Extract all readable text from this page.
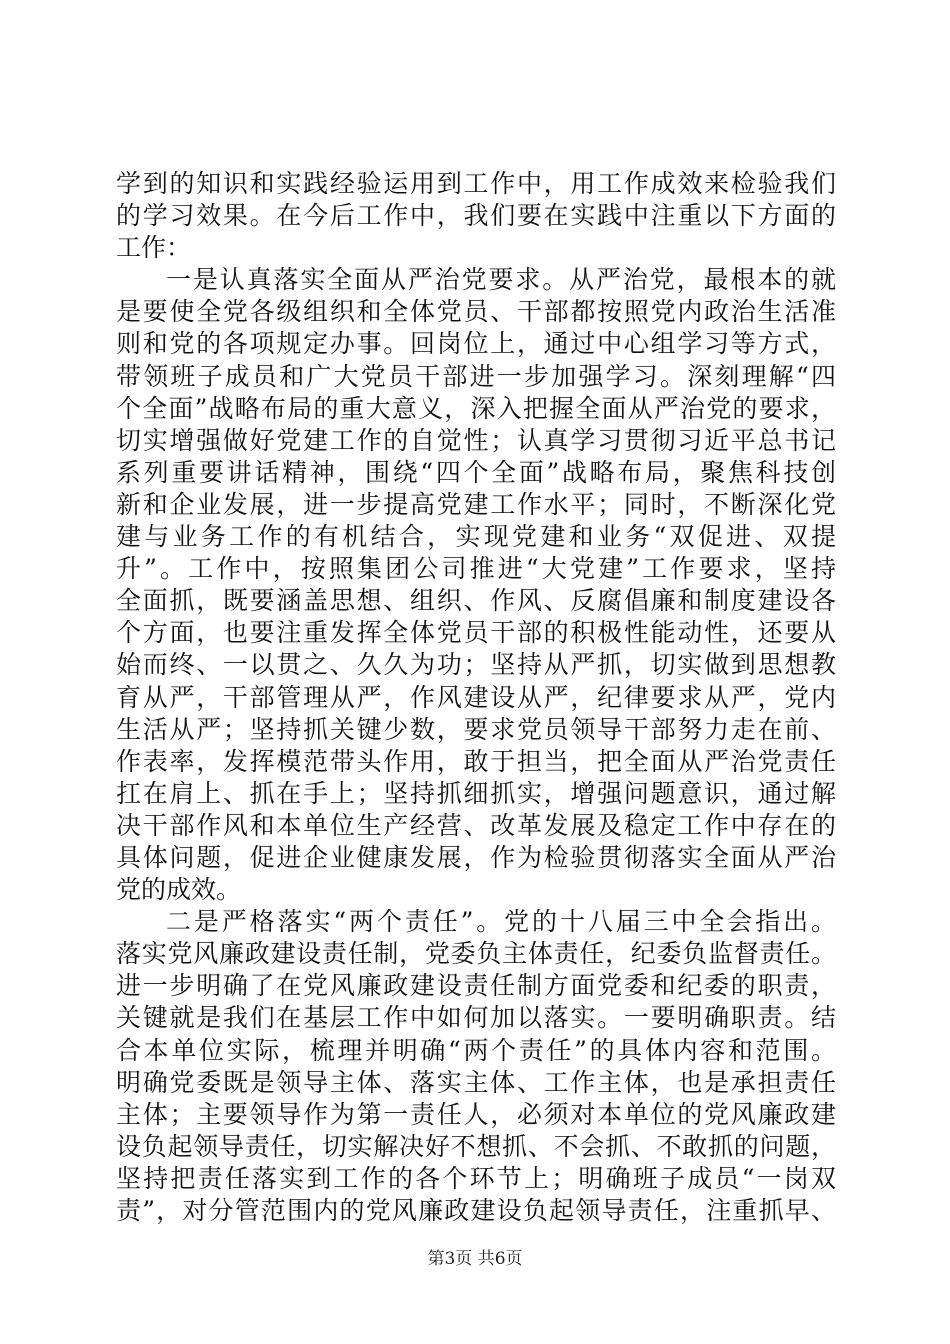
学到的知识和实践经验运用到工作中，用工作成效来检验我们
的学习效果。在今后工作中，我们要在实践中注重以下方面的
工作：
一是认真落实全面从严治党要求。从严治党，最根本的就
是要使全党各级组织和全体党员、干部都按照党内政治生活准
则和党的各项规定办事。回岗位上，通过中心组学习等方式，
带领班子成员和广大党员干部进一步加强学习。深刻理解“四
个全面”战略布局的重大意义，深入把握全面从严治党的要求，
切实增强做好党建工作的自觉性；认真学习贯彻习近平总书记
系列重要讲话精神，围绕“四个全面”战略布局，聚焦科技创
新和企业发展，进一步提高党建工作水平；同时，不断深化党
建与业务工作的有机结合，实现党建和业务“双促进、双提
升”。工作中，按照集团公司推进“大党建”工作要求，坚持
全面抓，既要涵盖思想、组织、作风、反腐倡廉和制度建设各
个方面，也要注重发挥全体党员干部的积极性能动性，还要从
始而终、一以贯之、久久为功；坚持从严抓，切实做到思想教
育从严，干部管理从严，作风建设从严，纪律要求从严，党内
生活从严；坚持抓关键少数，要求党员领导干部努力走在前、
作表率，发挥模范带头作用，敢于担当，把全面从严治党责任
扛在肩上、抓在手上；坚持抓细抓实，增强问题意识，通过解
决干部作风和本单位生产经营、改革发展及稳定工作中存在的
具体问题，促进企业健康发展，作为检验贯彻落实全面从严治
党的成效。
二是严格落实“两个责任”。党的十八届三中全会指出。
落实党风廉政建设责任制，党委负主体责任，纪委负监督责任。
进一步明确了在党风廉政建设责任制方面党委和纪委的职责，
关键就是我们在基层工作中如何加以落实。一要明确职责。结
合本单位实际，梳理并明确“两个责任”的具体内容和范围。
明确党委既是领导主体、落实主体、工作主体，也是承担责任
主体；主要领导作为第一责任人，必须对本单位的党风廉政建
设负起领导责任，切实解决好不想抓、不会抓、不敢抓的问题，
坚持把责任落实到工作的各个环节上；明确班子成员“一岗双
责”，对分管范围内的党风廉政建设负起领导责任，注重抓早、
第3页 共6页
